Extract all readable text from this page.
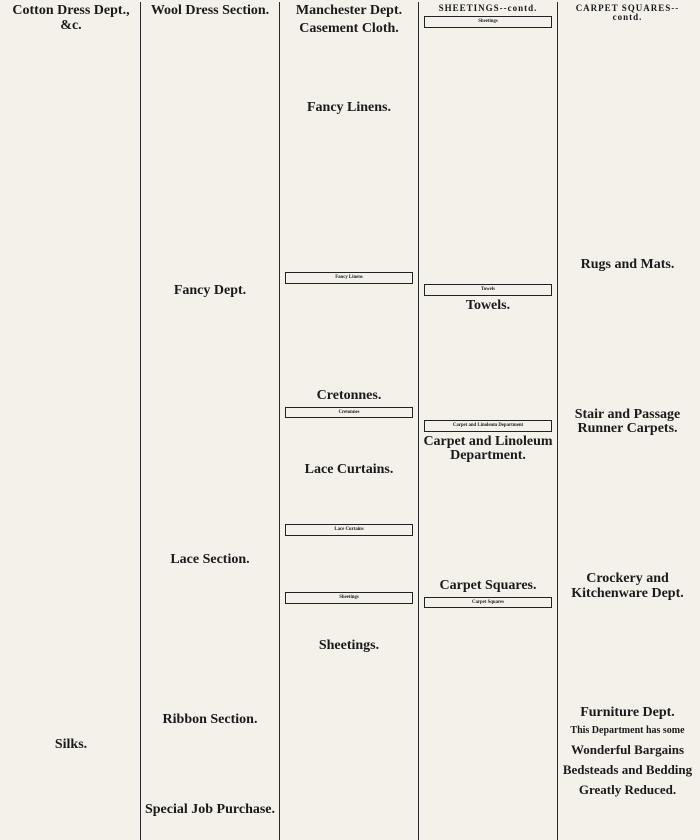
Cotton Dress Dept., &c.
Silks.
Wool Dress Section.
Fancy Dept.
Lace Section.
Ribbon Section.
Special Job Purchase.
Manchester Dept.
Casement Cloth.
Fancy Linens.
Fancy Linens
Cretonnes.
Cretonnes
Lace Curtains.
Lace Curtains
Sheetings
Sheetings.
SHEETINGS--contd.
Sheetings
Towels
Towels.
Carpet and Linoleum Department
Carpet and Linoleum Department.
Carpet Squares.
Carpet Squares
CARPET SQUARES--contd.
Rugs and Mats.
Stair and Passage Runner Carpets.
Crockery and Kitchenware Dept.
Furniture Dept.
This Department has some
Wonderful Bargains
Bedsteads and Bedding
Greatly Reduced.
